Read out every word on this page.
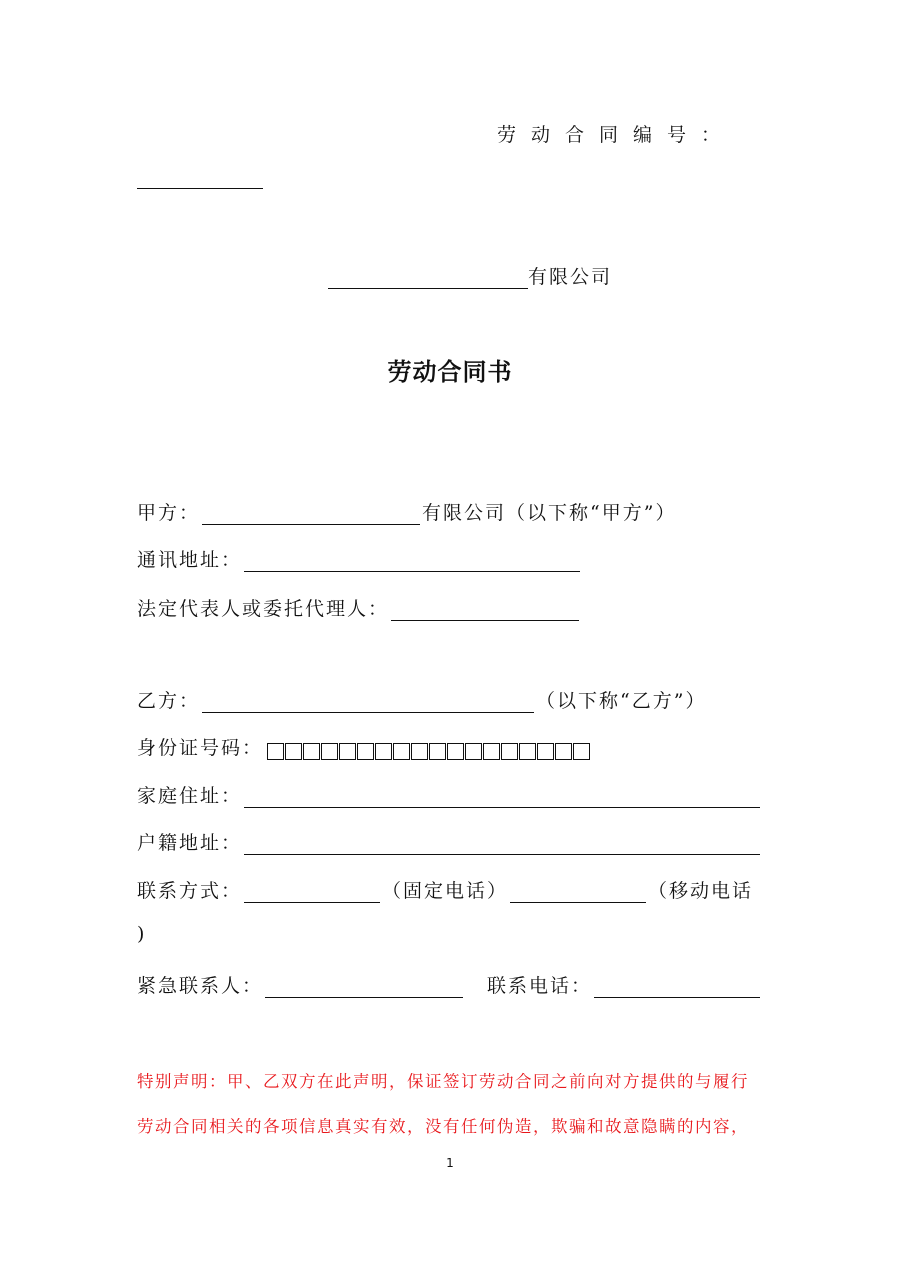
劳动合同编号：
有限公司
劳动合同书
甲方：	有限公司（以下称“甲方”）
通讯地址：
法定代表人或委托代理人：
乙方：	（以下称“乙方”）
身份证号码：
家庭住址：
户籍地址：
联系方式：	（固定电话）	（移动电话
)
紧急联系人：	联系电话：
特别声明：甲、乙双方在此声明，保证签订劳动合同之前向对方提供的与履行
劳动合同相关的各项信息真实有效，没有任何伪造，欺骗和故意隐瞒的内容，
1
